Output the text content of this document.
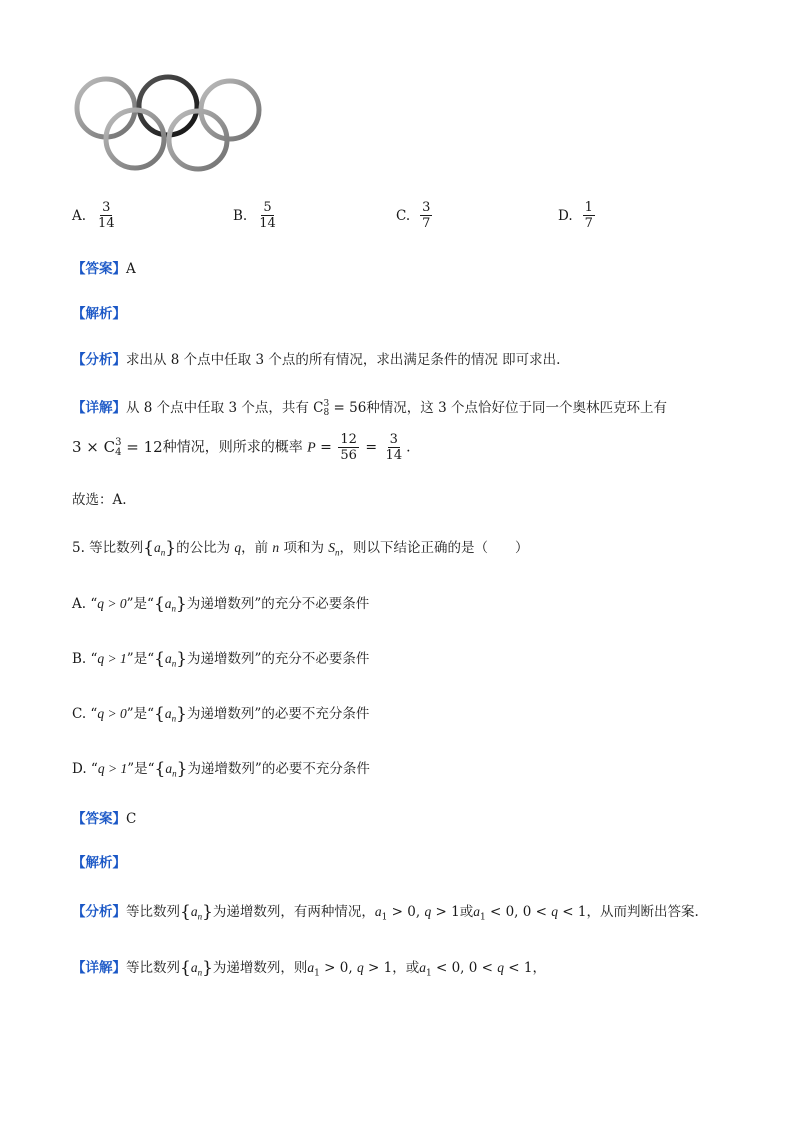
A. $\frac{3}{14}$	B. $\frac{5}{14}$	C. $\frac{3}{7}$	D. $\frac{1}{7}$
【答案】A
【解析】
【分析】求出从 8 个点中任取 3 个点的所有情况，求出满足条件的情况 即可求出.
【详解】从 8 个点中任取 3 个点，共有 C 3
8 = 56种情况，这 3 个点恰好位于同一个奥林匹克环上有
3 × C 3
4 = 12种情况，则所求的概率 $P = \frac{12}{56} = \frac{3}{14}$ .
故选：A.
5. 等比数列$\{a_n\}$的公比为 q，前 n 项和为 $S_n$，则以下结论正确的是（　　）
A. “q > 0”是“$\{a_n\}$为递增数列”的充分不必要条件
B. “q > 1”是“$\{a_n\}$为递增数列”的充分不必要条件
C. “q > 0”是“$\{a_n\}$为递增数列”的必要不充分条件
D. “q > 1”是“$\{a_n\}$为递增数列”的必要不充分条件
【答案】C
【解析】
【分析】等比数列$\{a_n\}$为递增数列，有两种情况，$a_1 > 0$, q > 1或$a_1 < 0$, 0 < q < 1，从而判断出答案.
【详解】等比数列$\{a_n\}$为递增数列，则$a_1 > 0$, q > 1，或$a_1 < 0$, 0 < q < 1，
